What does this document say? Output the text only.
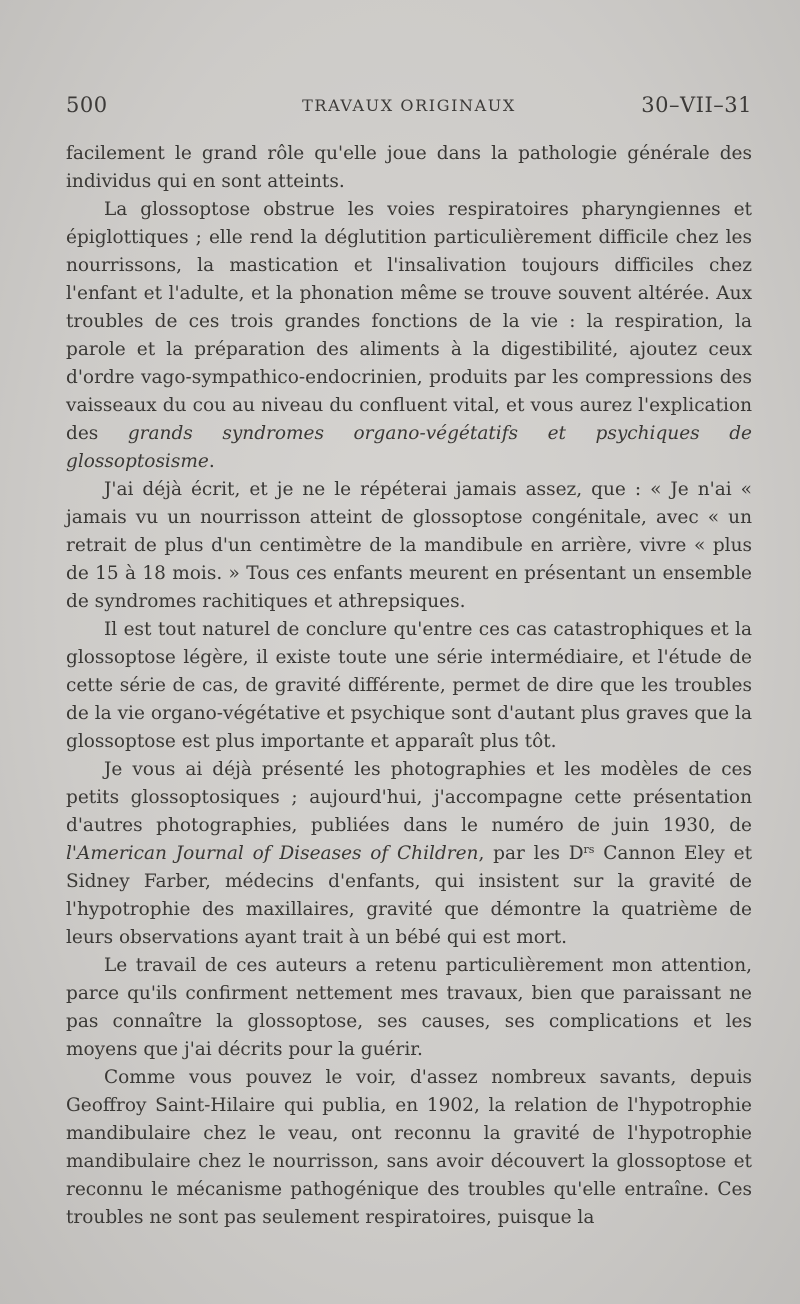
500	TRAVAUX ORIGINAUX	30–VII–31

facilement le grand rôle qu'elle joue dans la pathologie générale des individus qui en sont atteints.

La glossoptose obstrue les voies respiratoires pharyngiennes et épiglottiques ; elle rend la déglutition particulièrement difficile chez les nourrissons, la mastication et l'insalivation toujours difficiles chez l'enfant et l'adulte, et la phonation même se trouve souvent altérée. Aux troubles de ces trois grandes fonctions de la vie : la respiration, la parole et la préparation des aliments à la digestibilité, ajoutez ceux d'ordre vago-sympathico-endocrinien, produits par les compressions des vaisseaux du cou au niveau du confluent vital, et vous aurez l'explication des grands syndromes organo-végétatifs et psychiques de glossoptosisme.

J'ai déjà écrit, et je ne le répéterai jamais assez, que : « Je n'ai « jamais vu un nourrisson atteint de glossoptose congénitale, avec « un retrait de plus d'un centimètre de la mandibule en arrière, vivre « plus de 15 à 18 mois. » Tous ces enfants meurent en présentant un ensemble de syndromes rachitiques et athrepsiques.

Il est tout naturel de conclure qu'entre ces cas catastrophiques et la glossoptose légère, il existe toute une série intermédiaire, et l'étude de cette série de cas, de gravité différente, permet de dire que les troubles de la vie organo-végétative et psychique sont d'autant plus graves que la glossoptose est plus importante et apparaît plus tôt.

Je vous ai déjà présenté les photographies et les modèles de ces petits glossoptosiques ; aujourd'hui, j'accompagne cette présentation d'autres photographies, publiées dans le numéro de juin 1930, de l'American Journal of Diseases of Children, par les $D^{rs}$ Cannon Eley et Sidney Farber, médecins d'enfants, qui insistent sur la gravité de l'hypotrophie des maxillaires, gravité que démontre la quatrième de leurs observations ayant trait à un bébé qui est mort.

Le travail de ces auteurs a retenu particulièrement mon attention, parce qu'ils confirment nettement mes travaux, bien que paraissant ne pas connaître la glossoptose, ses causes, ses complications et les moyens que j'ai décrits pour la guérir.

Comme vous pouvez le voir, d'assez nombreux savants, depuis Geoffroy Saint-Hilaire qui publia, en 1902, la relation de l'hypotrophie mandibulaire chez le veau, ont reconnu la gravité de l'hypotrophie mandibulaire chez le nourrisson, sans avoir découvert la glossoptose et reconnu le mécanisme pathogénique des troubles qu'elle entraîne. Ces troubles ne sont pas seulement respiratoires, puisque la
